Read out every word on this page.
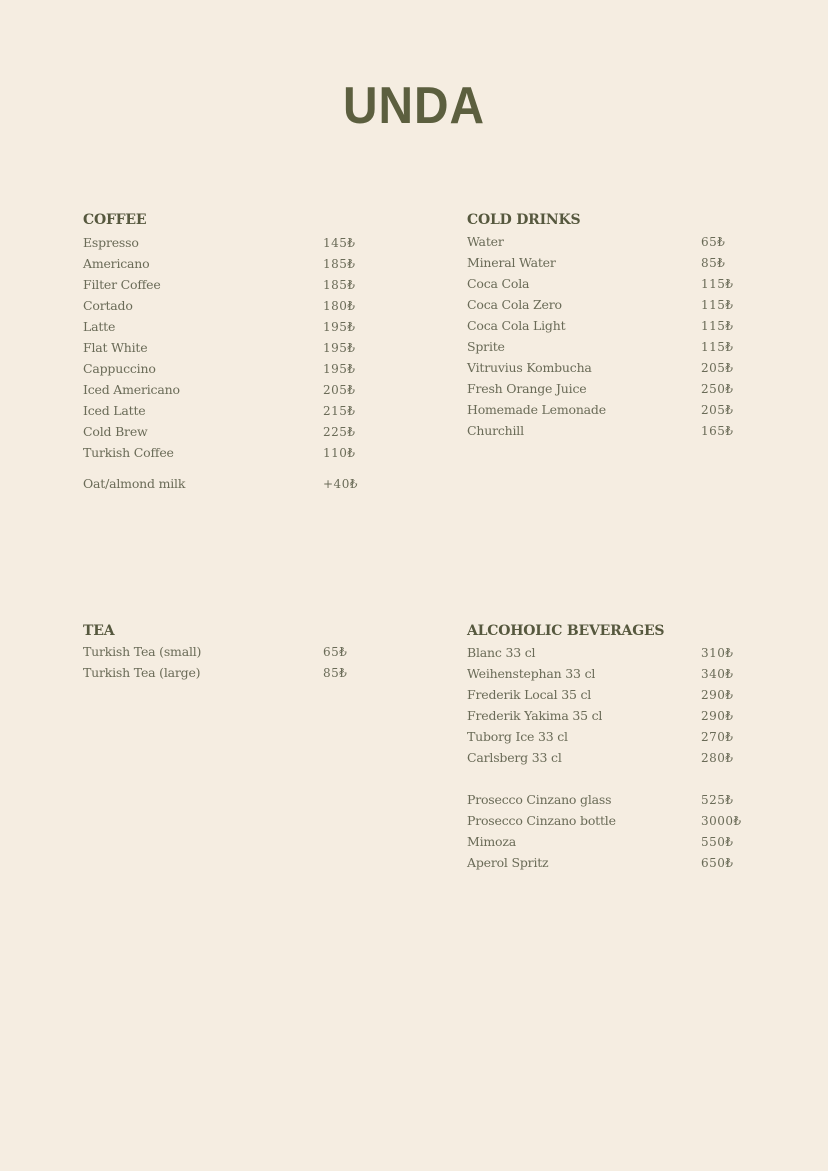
UNDA
COFFEE
Espresso	145₺
Americano	185₺
Filter Coffee	185₺
Cortado	180₺
Latte	195₺
Flat White	195₺
Cappuccino	195₺
Iced Americano	205₺
Iced Latte	215₺
Cold Brew	225₺
Turkish Coffee	110₺
Oat/almond milk	+40₺
COLD DRINKS
Water	65₺
Mineral Water	85₺
Coca Cola	115₺
Coca Cola Zero	115₺
Coca Cola Light	115₺
Sprite	115₺
Vitruvius Kombucha	205₺
Fresh Orange Juice	250₺
Homemade Lemonade	205₺
Churchill	165₺
TEA
Turkish Tea (small)	65₺
Turkish Tea (large)	85₺
ALCOHOLIC BEVERAGES
Blanc 33 cl	310₺
Weihenstephan 33 cl	340₺
Frederik Local 35 cl	290₺
Frederik Yakima 35 cl	290₺
Tuborg Ice 33 cl	270₺
Carlsberg 33 cl	280₺
Prosecco Cinzano glass	525₺
Prosecco Cinzano bottle	3000₺
Mimoza	550₺
Aperol Spritz	650₺
